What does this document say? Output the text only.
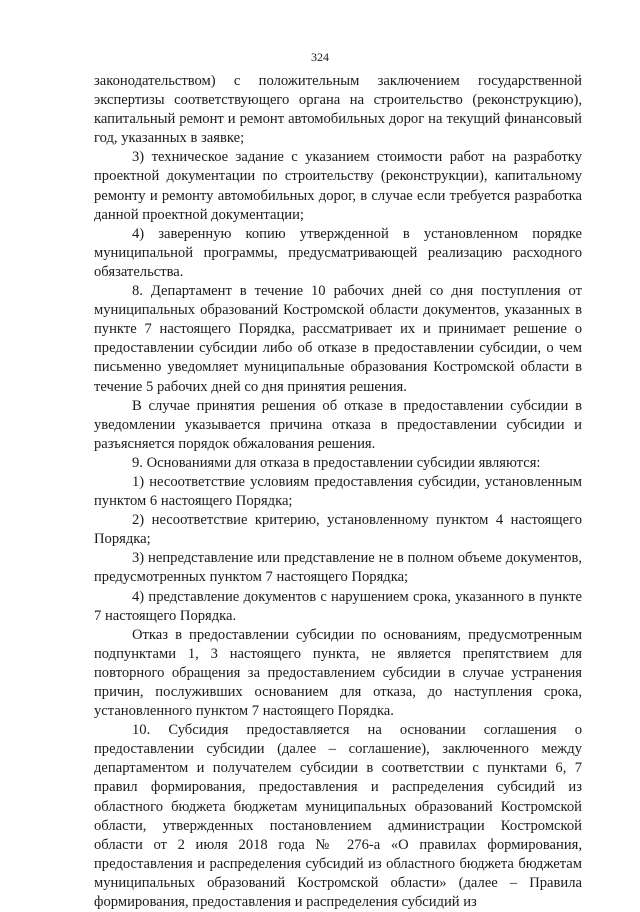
324

законодательством) с положительным заключением государственной экспертизы соответствующего органа на строительство (реконструкцию), капитальный ремонт и ремонт автомобильных дорог на текущий финансовый год, указанных в заявке;

3) техническое задание с указанием стоимости работ на разработку проектной документации по строительству (реконструкции), капитальному ремонту и ремонту автомобильных дорог, в случае если требуется разработка данной проектной документации;

4) заверенную копию утвержденной в установленном порядке муниципальной программы, предусматривающей реализацию расходного обязательства.

8. Департамент в течение 10 рабочих дней со дня поступления от муниципальных образований Костромской области документов, указанных в пункте 7 настоящего Порядка, рассматривает их и принимает решение о предоставлении субсидии либо об отказе в предоставлении субсидии, о чем письменно уведомляет муниципальные образования Костромской области в течение 5 рабочих дней со дня принятия решения.

В случае принятия решения об отказе в предоставлении субсидии в уведомлении указывается причина отказа в предоставлении субсидии и разъясняется порядок обжалования решения.

9. Основаниями для отказа в предоставлении субсидии являются:

1) несоответствие условиям предоставления субсидии, установленным пунктом 6 настоящего Порядка;

2) несоответствие критерию, установленному пунктом 4 настоящего Порядка;

3) непредставление или представление не в полном объеме документов, предусмотренных пунктом 7 настоящего Порядка;

4) представление документов с нарушением срока, указанного в пункте 7 настоящего Порядка.

Отказ в предоставлении субсидии по основаниям, предусмотренным подпунктами 1, 3 настоящего пункта, не является препятствием для повторного обращения за предоставлением субсидии в случае устранения причин, послуживших основанием для отказа, до наступления срока, установленного пунктом 7 настоящего Порядка.

10. Субсидия предоставляется на основании соглашения о предоставлении субсидии (далее – соглашение), заключенного между департаментом и получателем субсидии в соответствии с пунктами 6, 7 правил формирования, предоставления и распределения субсидий из областного бюджета бюджетам муниципальных образований Костромской области, утвержденных постановлением администрации Костромской области от 2 июля 2018 года № 276-а «О правилах формирования, предоставления и распределения субсидий из областного бюджета бюджетам муниципальных образований Костромской области» (далее – Правила формирования, предоставления и распределения субсидий из
